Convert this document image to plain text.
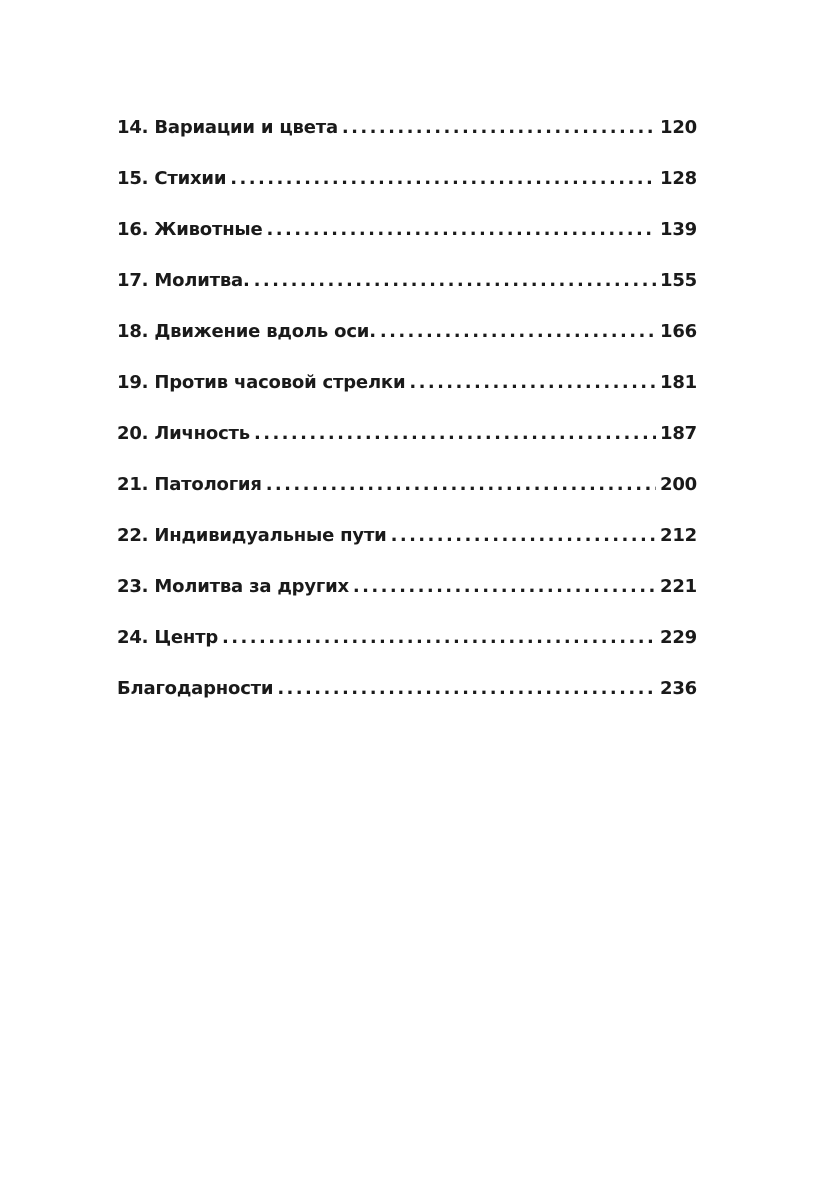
14. Вариации и цвета .....	120
15. Стихии .....	128
16. Животные .....	139
17. Молитва. .....	155
18. Движение вдоль оси. .....	166
19. Против часовой стрелки .....	181
20. Личность .....	187
21. Патология .....	200
22. Индивидуальные пути .....	212
23. Молитва за других .....	221
24. Центр .....	229
Благодарности .....	236
